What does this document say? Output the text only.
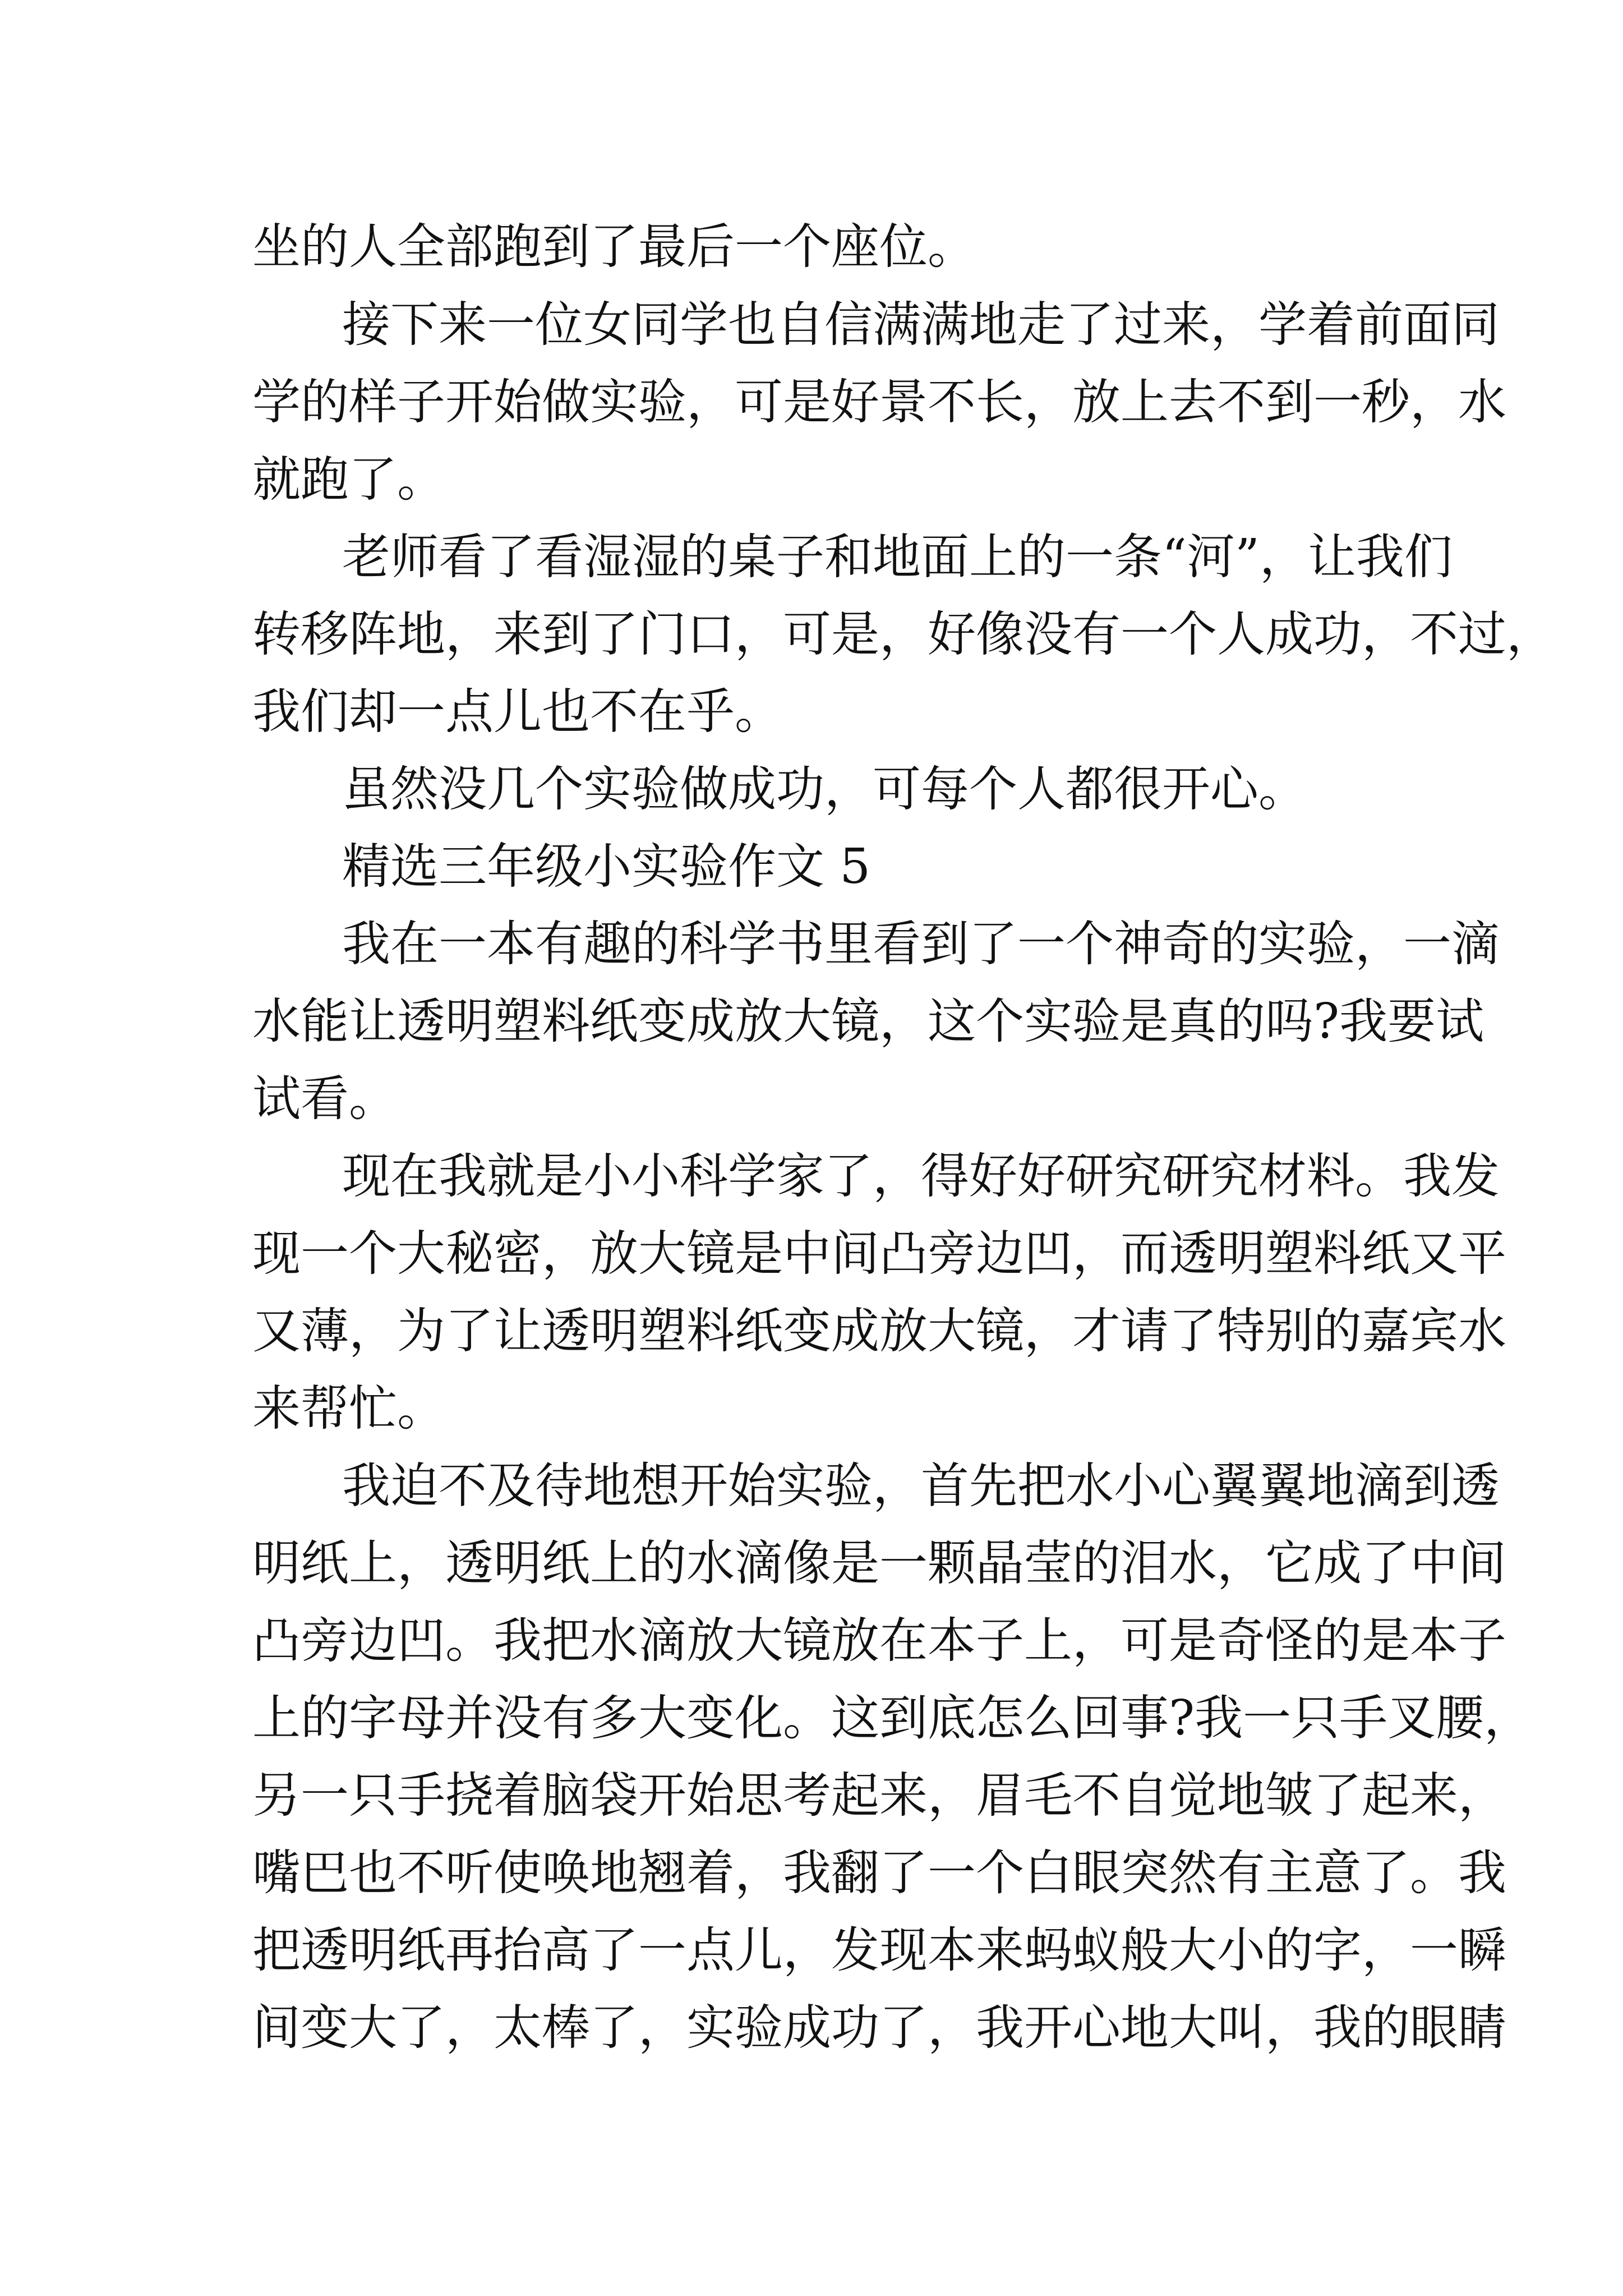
坐的人全部跑到了最后一个座位。
接下来一位女同学也自信满满地走了过来，学着前面同
学的样子开始做实验，可是好景不长，放上去不到一秒，水
就跑了。
老师看了看湿湿的桌子和地面上的一条“河”，让我们
转移阵地，来到了门口，可是，好像没有一个人成功，不过，
我们却一点儿也不在乎。
虽然没几个实验做成功，可每个人都很开心。
精选三年级小实验作文 5
我在一本有趣的科学书里看到了一个神奇的实验，一滴
水能让透明塑料纸变成放大镜，这个实验是真的吗?我要试
试看。
现在我就是小小科学家了，得好好研究研究材料。我发
现一个大秘密，放大镜是中间凸旁边凹，而透明塑料纸又平
又薄，为了让透明塑料纸变成放大镜，才请了特别的嘉宾水
来帮忙。
我迫不及待地想开始实验，首先把水小心翼翼地滴到透
明纸上，透明纸上的水滴像是一颗晶莹的泪水，它成了中间
凸旁边凹。我把水滴放大镜放在本子上，可是奇怪的是本子
上的字母并没有多大变化。这到底怎么回事?我一只手叉腰，
另一只手挠着脑袋开始思考起来，眉毛不自觉地皱了起来，
嘴巴也不听使唤地翘着，我翻了一个白眼突然有主意了。我
把透明纸再抬高了一点儿，发现本来蚂蚁般大小的字，一瞬
间变大了，太棒了，实验成功了，我开心地大叫，我的眼睛
